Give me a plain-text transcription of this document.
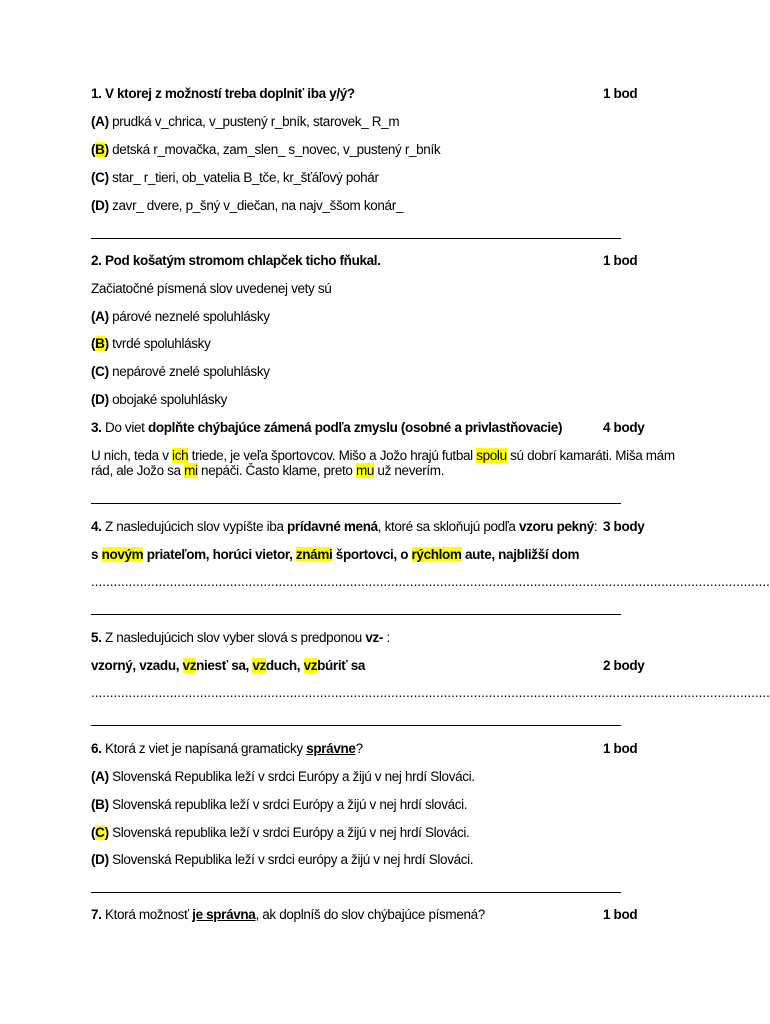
1. V ktorej z možností treba doplniť iba y/ý?	1 bod
(A) prudká v_chrica, v_pustený r_bník, starovek_ R_m
(B) detská r_movačka, zam_slen_ s_novec, v_pustený r_bník
(C) star_ r_tieri, ob_vatelia B_tče, kr_šťáľový pohár
(D) zavr_ dvere, p_šný v_diečan, na najv_ššom konár_
2. Pod košatým stromom chlapček ticho fňukal.	1 bod
Začiatočné písmená slov uvedenej vety sú
(A) párové neznelé spoluhlásky
(B) tvrdé spoluhlásky
(C) nepárové znelé spoluhlásky
(D) obojaké spoluhlásky
3. Do viet doplňte chýbajúce zámená podľa zmyslu (osobné a privlastňovacie)	4 body
U nich, teda v ich triede, je veľa športovcov. Mišo a Jožo hrajú futbal spolu sú dobrí kamaráti. Miša mám rád, ale Jožo sa mi nepáči. Často klame, preto mu už neverím.
4. Z nasledujúcich slov vypíšte iba prídavné mená, ktoré sa skloňujú podľa vzoru pekný: 3 body
s novým priateľom, horúci vietor, známi športovci, o rýchlom aute, najbližší dom
.....................................................................................................................................................................................
5. Z nasledujúcich slov vyber slová s predponou vz- :
vzorný, vzadu, vzniesť sa, vzduch, vzbúriť sa	2 body
.....................................................................................................................................................................................
6. Ktorá z viet je napísaná gramaticky správne?	1 bod
(A) Slovenská Republika leží v srdci Európy a žijú v nej hrdí Slováci.
(B) Slovenská republika leží v srdci Európy a žijú v nej hrdí slováci.
(C) Slovenská republika leží v srdci Európy a žijú v nej hrdí Slováci.
(D) Slovenská Republika leží v srdci európy a žijú v nej hrdí Slováci.
7. Ktorá možnosť je správna, ak doplníš do slov chýbajúce písmená?	1 bod
